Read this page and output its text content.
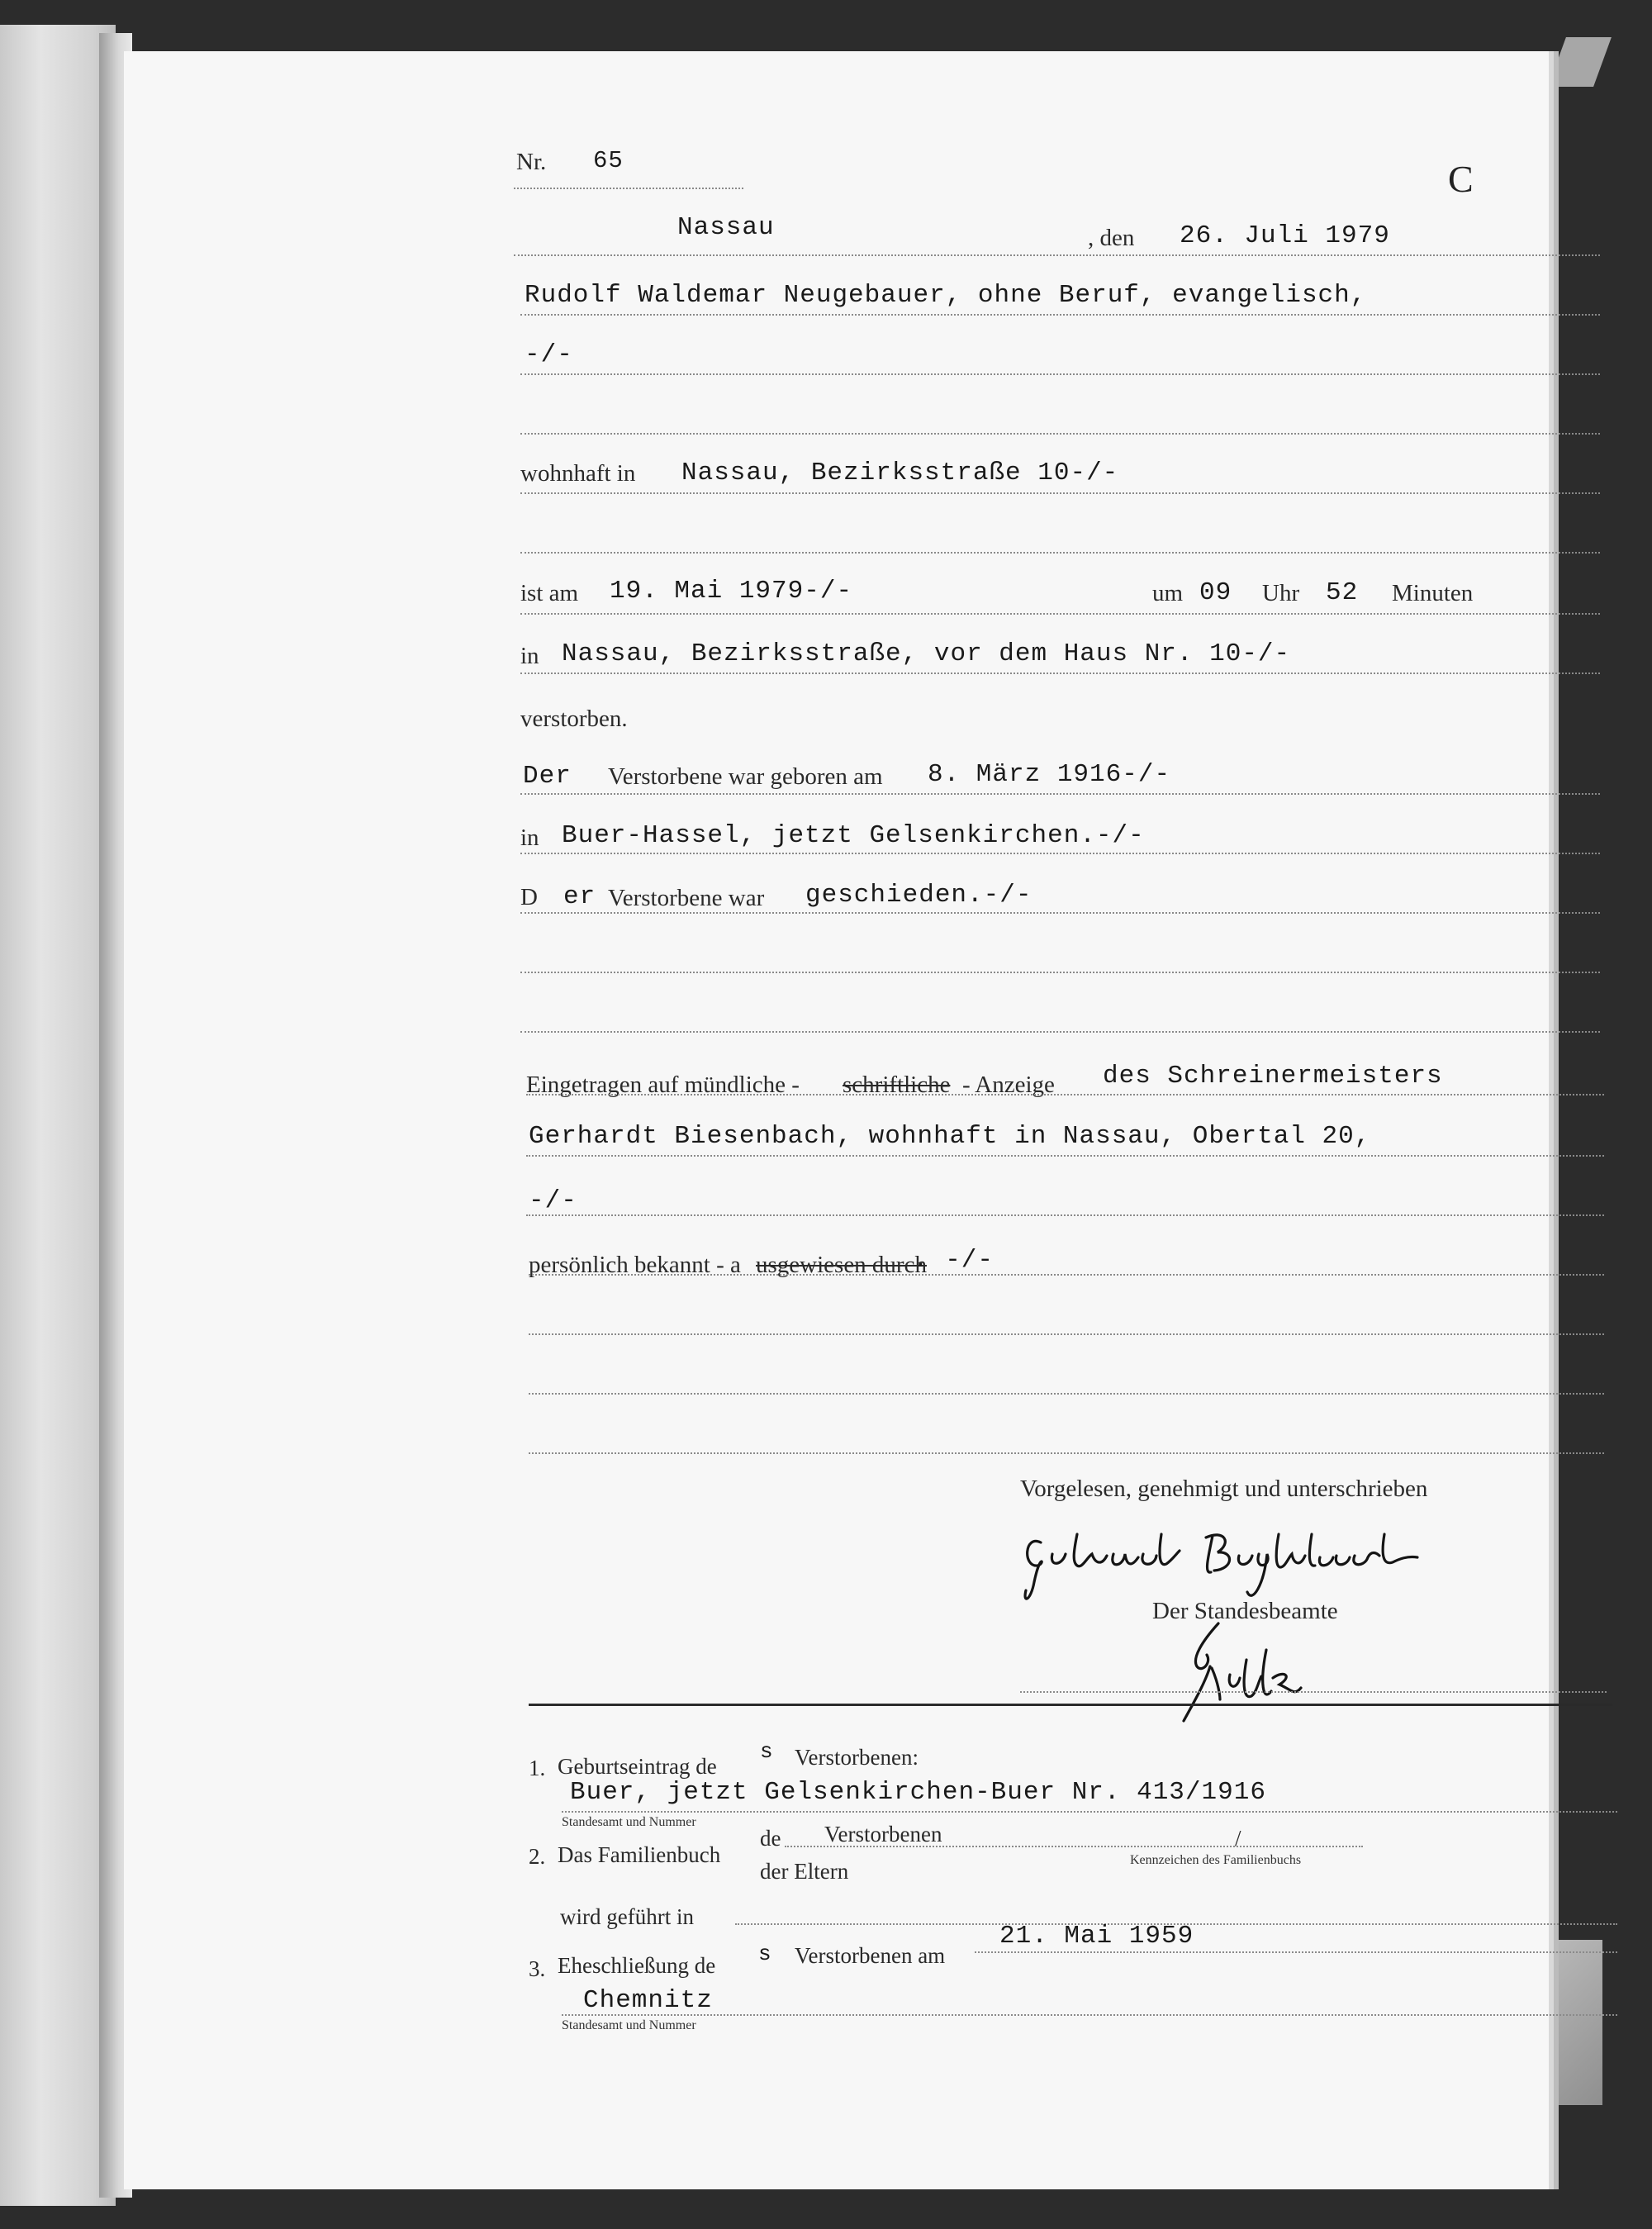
Nr. 65	C
Nassau	, den 26. Juli 1979
Rudolf Waldemar Neugebauer, ohne Beruf, evangelisch,
-/-
wohnhaft in Nassau, Bezirksstraße 10-/-
ist am 19. Mai 1979-/-	um 09 Uhr 52 Minuten
in Nassau, Bezirksstraße, vor dem Haus Nr. 10-/-
verstorben.
Der Verstorbene war geboren am 8. März 1916-/-
in Buer-Hassel, jetzt Gelsenkirchen.-/-
D er Verstorbene war geschieden.-/-
Eingetragen auf mündliche - schriftliche - Anzeige des Schreinermeisters
Gerhardt Biesenbach, wohnhaft in Nassau, Obertal 20,
-/-
persönlich bekannt - a usgewiesen durch
. -/-
Vorgelesen, genehmigt und unterschrieben
Der Standesbeamte
1. Geburtseintrag de
s Verstorbenen:
Buer, jetzt Gelsenkirchen-Buer Nr. 413/1916
Standesamt und Nummer
2. Das Familienbuch
de Verstorbenen	/
der Eltern	Kennzeichen des Familienbuchs
wird geführt in
3. Eheschließung de s Verstorbenen am
21. Mai 1959
Chemnitz
Standesamt und Nummer
